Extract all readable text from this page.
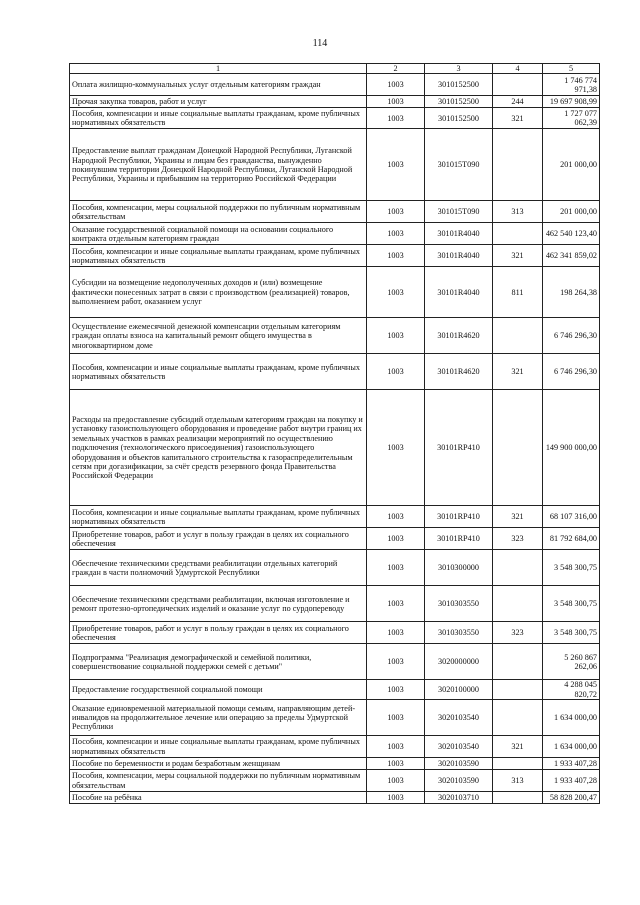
114
1	2	3	4	5
Оплата жилищно-коммунальных услуг отдельным категориям граждан	1003	3010152500		1 746 774 971,38
Прочая закупка товаров, работ и услуг	1003	3010152500	244	19 697 908,99
Пособия, компенсации и иные социальные выплаты гражданам, кроме публичных нормативных обязательств	1003	3010152500	321	1 727 077 062,39
Предоставление выплат гражданам Донецкой Народной Республики, Луганской Народной Республики, Украины и лицам без гражданства, вынужденно покинувшим территории Донецкой Народной Республики, Луганской Народной Республики, Украины и прибывшим на территорию Российской Федерации	1003	301015Т090		201 000,00
Пособия, компенсации, меры социальной поддержки по публичным нормативным обязательствам	1003	301015Т090	313	201 000,00
Оказание государственной социальной помощи на основании социального контракта отдельным категориям граждан	1003	30101R4040		462 540 123,40
Пособия, компенсации и иные социальные выплаты гражданам, кроме публичных нормативных обязательств	1003	30101R4040	321	462 341 859,02
Субсидии на возмещение недополученных доходов и (или) возмещение фактически понесенных затрат в связи с производством (реализацией) товаров, выполнением работ, оказанием услуг	1003	30101R4040	811	198 264,38
Осуществление ежемесячной денежной компенсации отдельным категориям граждан оплаты взноса на капитальный ремонт общего имущества в многоквартирном доме	1003	30101R4620		6 746 296,30
Пособия, компенсации и иные социальные выплаты гражданам, кроме публичных нормативных обязательств	1003	30101R4620	321	6 746 296,30
Расходы на предоставление субсидий отдельным категориям граждан на покупку и установку газоиспользующего оборудования и проведение работ внутри границ их земельных участков в рамках реализации мероприятий по осуществлению подключения (технологического присоединения) газоиспользующего оборудования и объектов капитального строительства к газораспределительным сетям при догазификации, за счёт средств резервного фонда Правительства Российской Федерации	1003	30101RP410		149 900 000,00
Пособия, компенсации и иные социальные выплаты гражданам, кроме публичных нормативных обязательств	1003	30101RP410	321	68 107 316,00
Приобретение товаров, работ и услуг в пользу граждан в целях их социального обеспечения	1003	30101RP410	323	81 792 684,00
Обеспечение техническими средствами реабилитации отдельных категорий граждан в части полномочий Удмуртской Республики	1003	3010300000		3 548 300,75
Обеспечение техническими средствами реабилитации, включая изготовление и ремонт протезно-ортопедических изделий и оказание услуг по сурдопереводу	1003	3010303550		3 548 300,75
Приобретение товаров, работ и услуг в пользу граждан в целях их социального обеспечения	1003	3010303550	323	3 548 300,75
Подпрограмма "Реализация демографической и семейной политики, совершенствование социальной поддержки семей с детьми"	1003	3020000000		5 260 867 262,06
Предоставление государственной социальной помощи	1003	3020100000		4 288 045 820,72
Оказание единовременной материальной помощи семьям, направляющим детей-инвалидов на продолжительное лечение или операцию за пределы Удмуртской Республики	1003	3020103540		1 634 000,00
Пособия, компенсации и иные социальные выплаты гражданам, кроме публичных нормативных обязательств	1003	3020103540	321	1 634 000,00
Пособие по беременности и родам безработным женщинам	1003	3020103590		1 933 407,28
Пособия, компенсации, меры социальной поддержки по публичным нормативным обязательствам	1003	3020103590	313	1 933 407,28
Пособие на ребёнка	1003	3020103710		58 828 200,47
